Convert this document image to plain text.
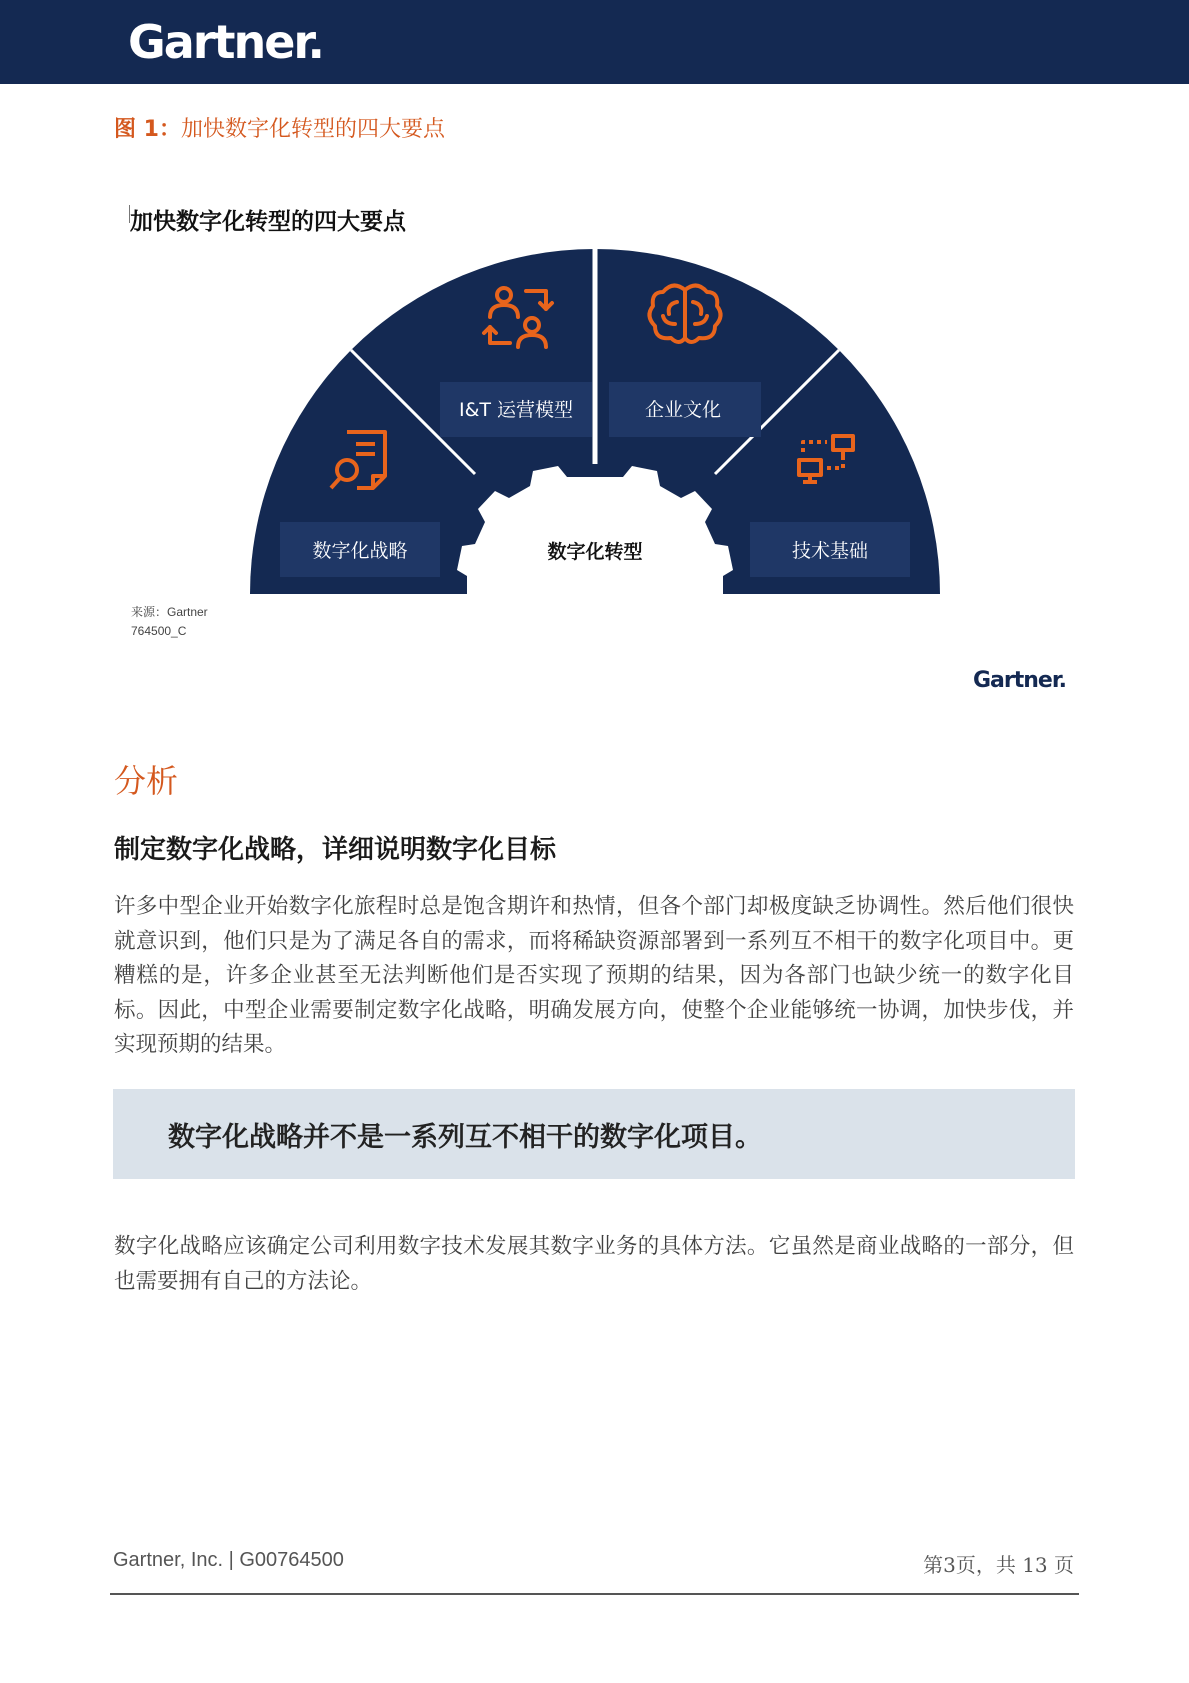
Gartner.
图 1：加快数字化转型的四大要点
加快数字化转型的四大要点
数字化转型
数字化战略
I&T 运营模型	企业文化
技术基础
来源：Gartner
764500_C
Gartner.
分析
制定数字化战略，详细说明数字化目标
许多中型企业开始数字化旅程时总是饱含期许和热情，但各个部门却极度缺乏协调性。然后他们很快就意识到，他们只是为了满足各自的需求，而将稀缺资源部署到一系列互不相干的数字化项目中。更糟糕的是，许多企业甚至无法判断他们是否实现了预期的结果，因为各部门也缺少统一的数字化目标。因此，中型企业需要制定数字化战略，明确发展方向，使整个企业能够统一协调，加快步伐，并实现预期的结果。
数字化战略并不是一系列互不相干的数字化项目。
数字化战略应该确定公司利用数字技术发展其数字业务的具体方法。它虽然是商业战略的一部分，但也需要拥有自己的方法论。
Gartner, Inc. | G00764500	第3页，共 13 页
